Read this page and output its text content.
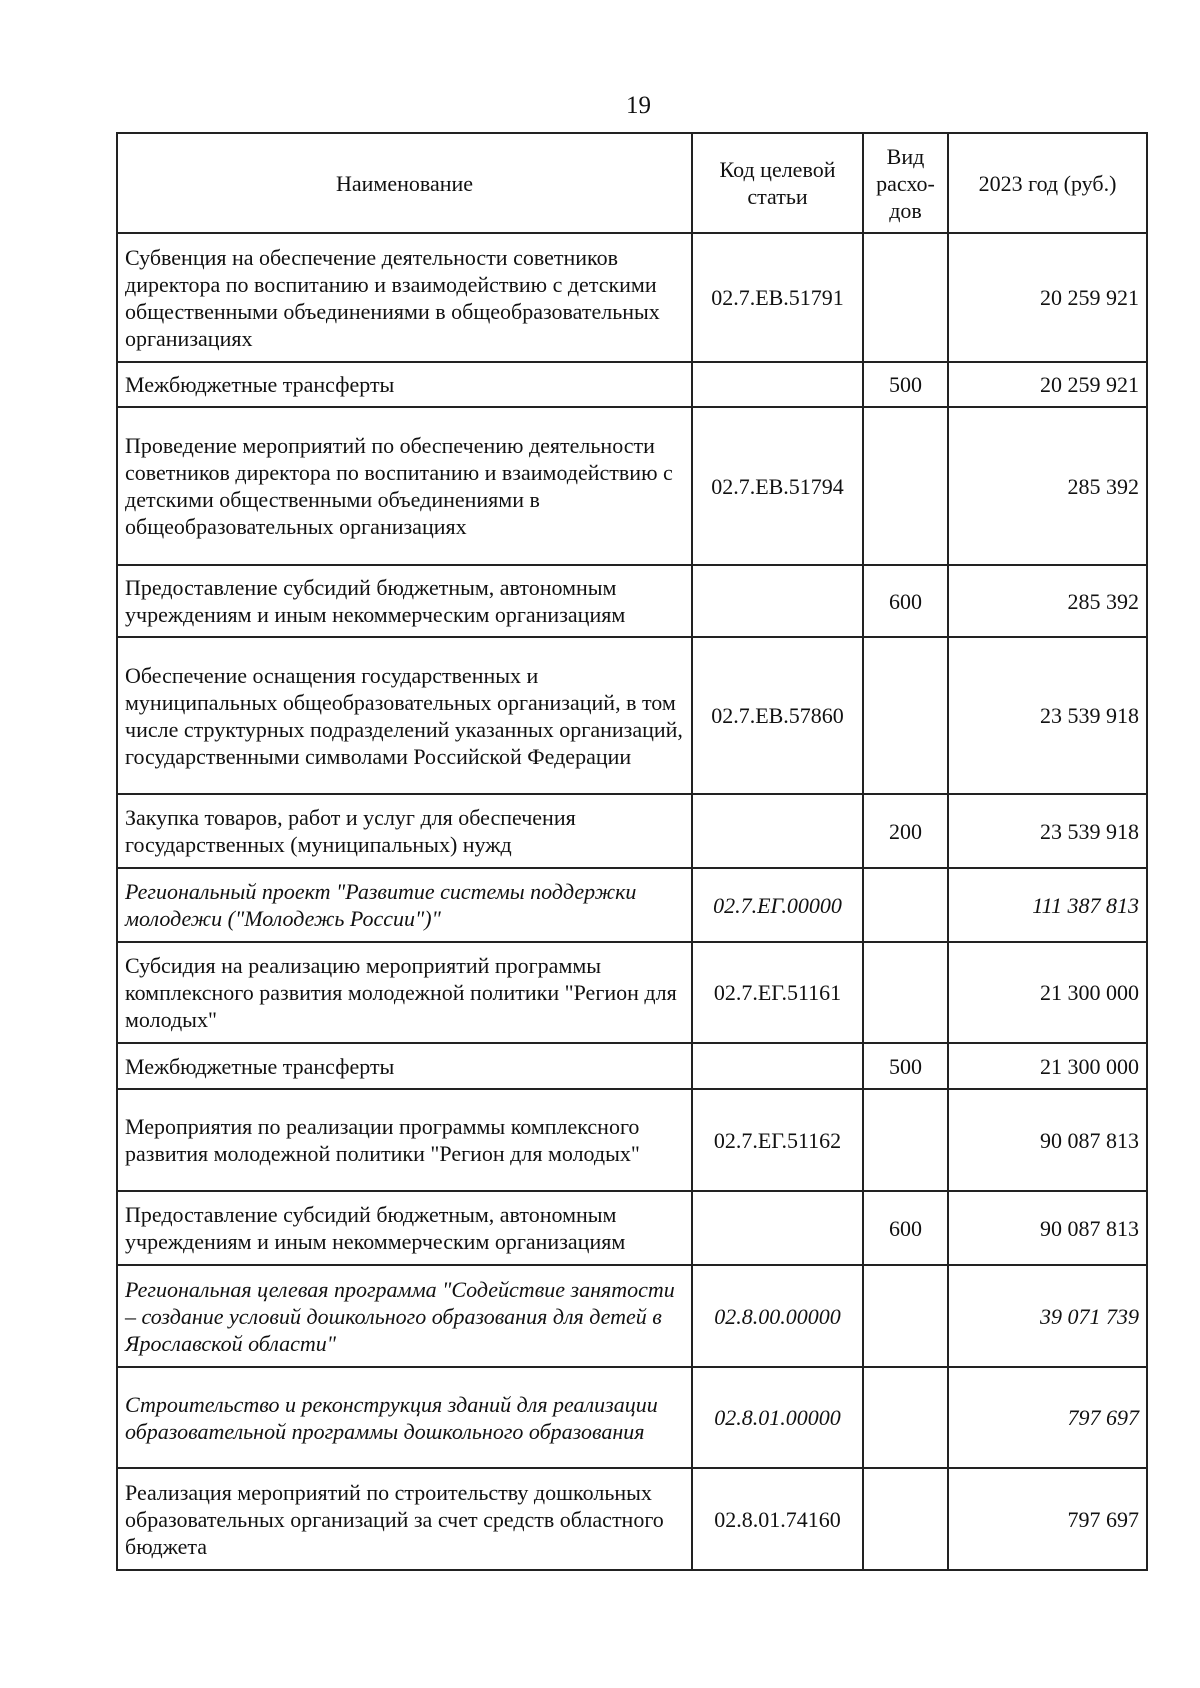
19
Наименование	Код целевой статьи	Вид расхо-дов	2023 год (руб.)
Субвенция на обеспечение деятельности советников директора по воспитанию и взаимодействию с детскими общественными объединениями в общеобразовательных организациях	02.7.ЕВ.51791		20 259 921
Межбюджетные трансферты		500	20 259 921
Проведение мероприятий по обеспечению деятельности советников директора по воспитанию и взаимодействию с детскими общественными объединениями в общеобразовательных организациях	02.7.ЕВ.51794		285 392
Предоставление субсидий бюджетным, автономным учреждениям и иным некоммерческим организациям		600	285 392
Обеспечение оснащения государственных и муниципальных общеобразовательных организаций, в том числе структурных подразделений указанных организаций, государственными символами Российской Федерации	02.7.ЕВ.57860		23 539 918
Закупка товаров, работ и услуг для обеспечения государственных (муниципальных) нужд		200	23 539 918
Региональный проект "Развитие системы поддержки молодежи ("Молодежь России")"	02.7.ЕГ.00000		111 387 813
Субсидия на реализацию мероприятий программы комплексного развития молодежной политики "Регион для молодых"	02.7.ЕГ.51161		21 300 000
Межбюджетные трансферты		500	21 300 000
Мероприятия по реализации программы комплексного развития молодежной политики "Регион для молодых"	02.7.ЕГ.51162		90 087 813
Предоставление субсидий бюджетным, автономным учреждениям и иным некоммерческим организациям		600	90 087 813
Региональная целевая программа "Содействие занятости – создание условий дошкольного образования для детей в Ярославской области"	02.8.00.00000		39 071 739
Строительство и реконструкция зданий для реализации образовательной программы дошкольного образования	02.8.01.00000		797 697
Реализация мероприятий по строительству дошкольных образовательных организаций за счет средств областного бюджета	02.8.01.74160		797 697
